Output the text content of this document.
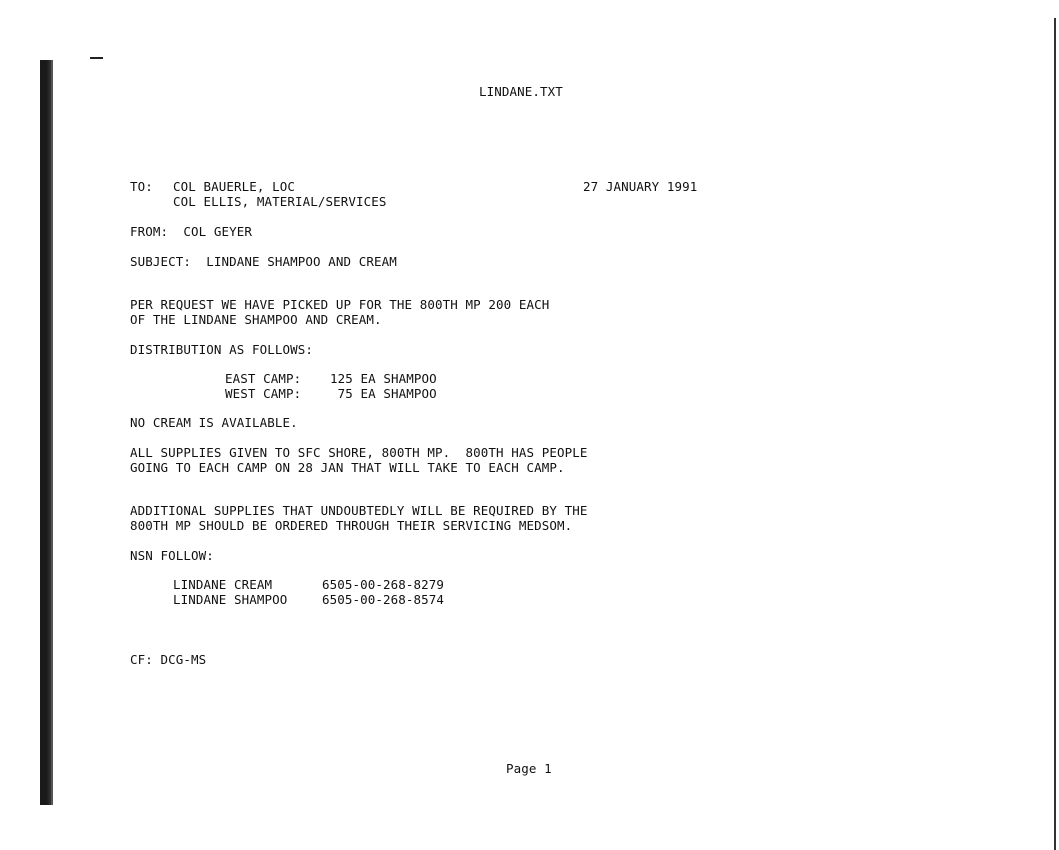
LINDANE.TXT
TO: COL BAUERLE, LOC	27 JANUARY 1991
COL ELLIS, MATERIAL/SERVICES
FROM:  COL GEYER
SUBJECT:  LINDANE SHAMPOO AND CREAM
PER REQUEST WE HAVE PICKED UP FOR THE 800TH MP 200 EACH
OF THE LINDANE SHAMPOO AND CREAM.
DISTRIBUTION AS FOLLOWS:
EAST CAMP: 125 EA SHAMPOO
WEST CAMP: 75 EA SHAMPOO
NO CREAM IS AVAILABLE.
ALL SUPPLIES GIVEN TO SFC SHORE, 800TH MP.  800TH HAS PEOPLE
GOING TO EACH CAMP ON 28 JAN THAT WILL TAKE TO EACH CAMP.
ADDITIONAL SUPPLIES THAT UNDOUBTEDLY WILL BE REQUIRED BY THE
800TH MP SHOULD BE ORDERED THROUGH THEIR SERVICING MEDSOM.
NSN FOLLOW:
LINDANE CREAM	6505-00-268-8279
LINDANE SHAMPOO	6505-00-268-8574
CF: DCG-MS
Page 1
